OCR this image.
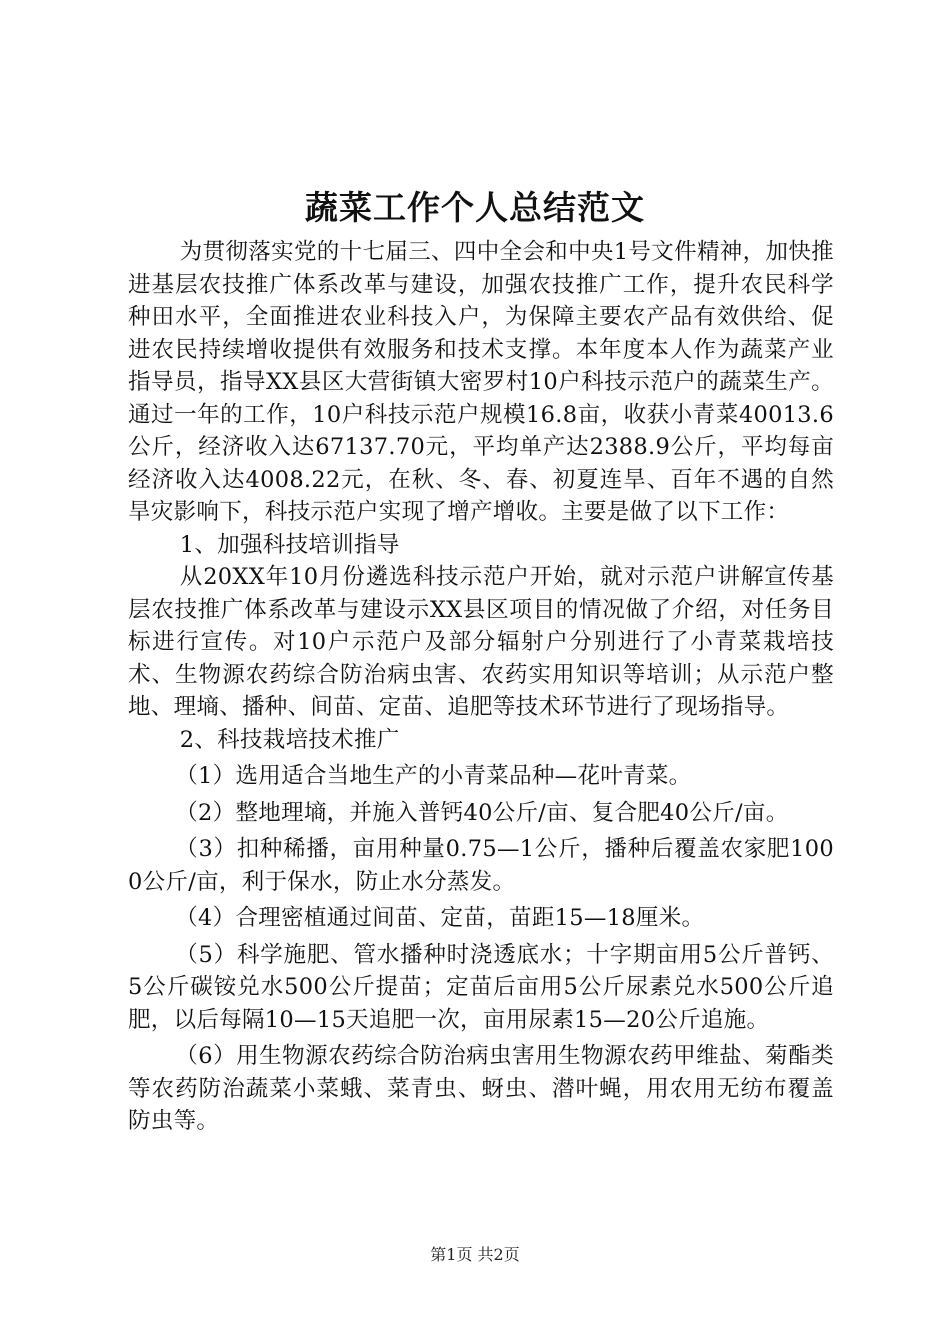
蔬菜工作个人总结范文

为贯彻落实党的十七届三、四中全会和中央1号文件精神，加快推进基层农技推广体系改革与建设，加强农技推广工作，提升农民科学种田水平，全面推进农业科技入户，为保障主要农产品有效供给、促进农民持续增收提供有效服务和技术支撑。本年度本人作为蔬菜产业指导员，指导XX县区大营街镇大密罗村10户科技示范户的蔬菜生产。通过一年的工作，10户科技示范户规模16.8亩，收获小青菜40013.6公斤，经济收入达67137.70元，平均单产达2388.9公斤，平均每亩经济收入达4008.22元，在秋、冬、春、初夏连旱、百年不遇的自然旱灾影响下，科技示范户实现了增产增收。主要是做了以下工作：

1、加强科技培训指导

从20XX年10月份遴选科技示范户开始，就对示范户讲解宣传基层农技推广体系改革与建设示XX县区项目的情况做了介绍，对任务目标进行宣传。对10户示范户及部分辐射户分别进行了小青菜栽培技术、生物源农药综合防治病虫害、农药实用知识等培训；从示范户整地、理墒、播种、间苗、定苗、追肥等技术环节进行了现场指导。

2、科技栽培技术推广

（1）选用适合当地生产的小青菜品种—花叶青菜。

（2）整地理墒，并施入普钙40公斤/亩、复合肥40公斤/亩。

（3）扣种稀播，亩用种量0.75—1公斤，播种后覆盖农家肥1000公斤/亩，利于保水，防止水分蒸发。

（4）合理密植通过间苗、定苗，苗距15—18厘米。

（5）科学施肥、管水播种时浇透底水；十字期亩用5公斤普钙、5公斤碳铵兑水500公斤提苗；定苗后亩用5公斤尿素兑水500公斤追肥，以后每隔10—15天追肥一次，亩用尿素15—20公斤追施。

（6）用生物源农药综合防治病虫害用生物源农药甲维盐、菊酯类等农药防治蔬菜小菜蛾、菜青虫、蚜虫、潜叶蝇，用农用无纺布覆盖防虫等。

第1页 共2页
